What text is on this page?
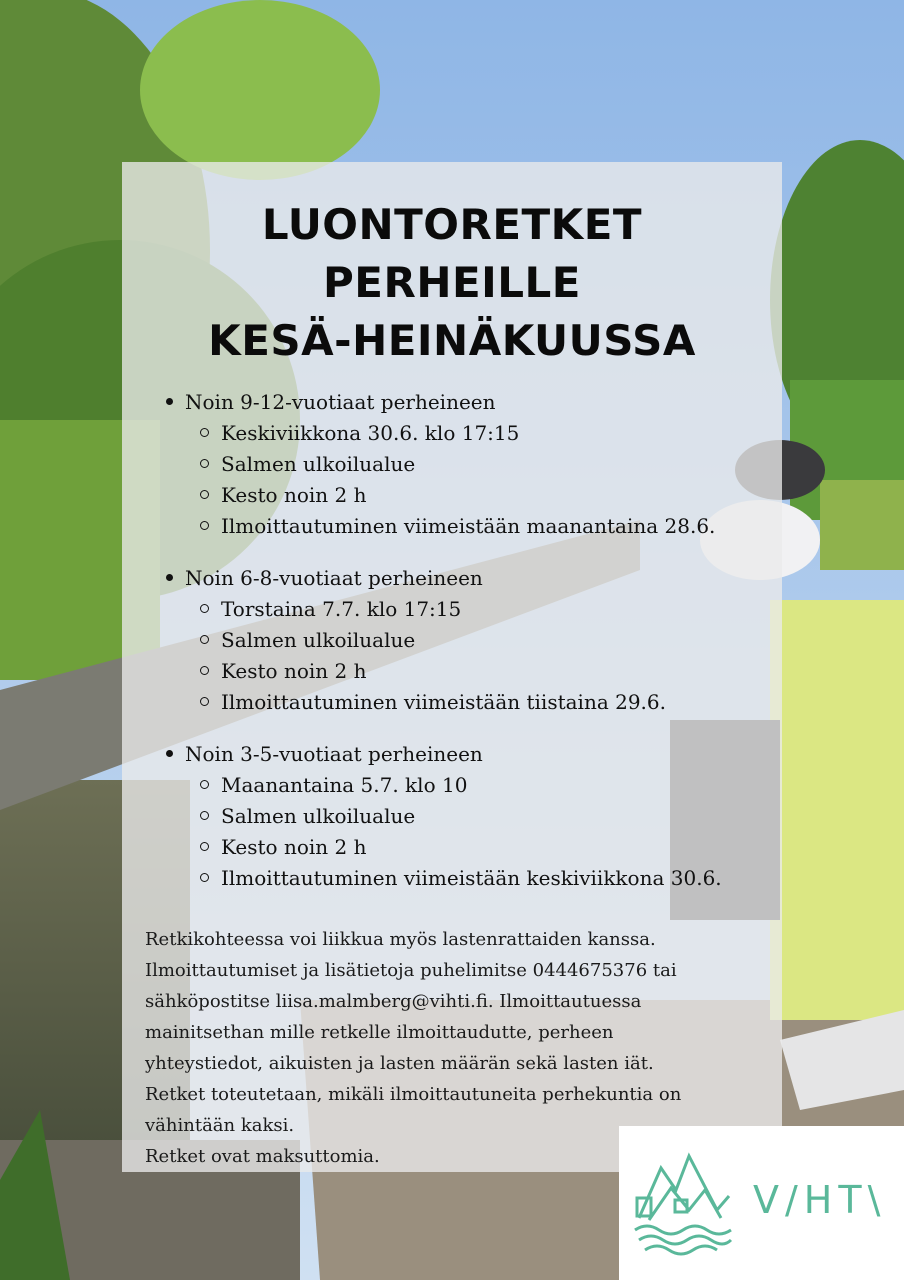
LUONTORETKET
PERHEILLE
KESÄ-HEINÄKUUSSA
Noin 9-12-vuotiaat perheineen
Keskiviikkona 30.6. klo 17:15
Salmen ulkoilualue
Kesto noin 2 h
Ilmoittautuminen viimeistään maanantaina 28.6.
Noin 6-8-vuotiaat perheineen
Torstaina 7.7. klo 17:15
Salmen ulkoilualue
Kesto noin 2 h
Ilmoittautuminen viimeistään tiistaina 29.6.
Noin 3-5-vuotiaat perheineen
Maanantaina 5.7. klo 10
Salmen ulkoilualue
Kesto noin 2 h
Ilmoittautuminen viimeistään keskiviikkona 30.6.
Retkikohteessa voi liikkua myös lastenrattaiden kanssa.
Ilmoittautumiset ja lisätietoja puhelimitse 0444675376 tai
sähköpostitse liisa.malmberg@vihti.fi. Ilmoittautuessa
mainitsethan mille retkelle ilmoittaudutte, perheen
yhteystiedot, aikuisten ja lasten määrän sekä lasten iät.
Retket toteutetaan, mikäli ilmoittautuneita perhekuntia on
vähintään kaksi.
Retket ovat maksuttomia.
V/HT\
